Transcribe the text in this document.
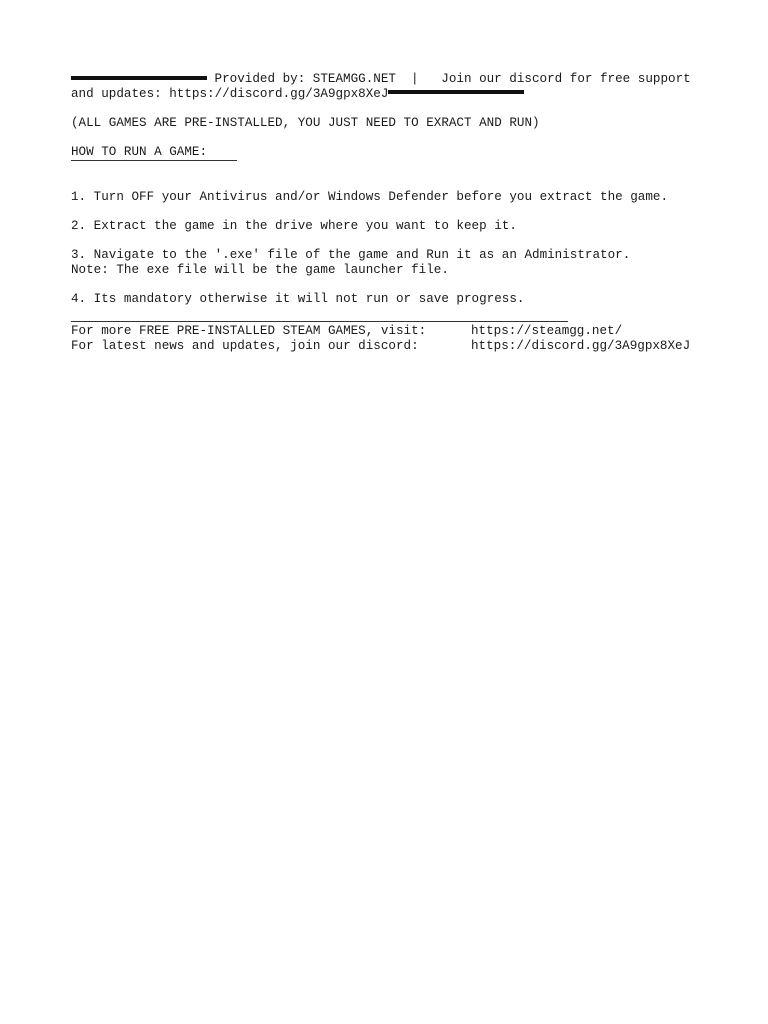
Provided by: STEAMGG.NET  |   Join our discord for free support
and updates: https://discord.gg/3A9gpx8XeJ
(ALL GAMES ARE PRE-INSTALLED, YOU JUST NEED TO EXRACT AND RUN)
HOW TO RUN A GAME:
1. Turn OFF your Antivirus and/or Windows Defender before you extract the game.
2. Extract the game in the drive where you want to keep it.
3. Navigate to the '.exe' file of the game and Run it as an Administrator.
Note: The exe file will be the game launcher file.
4. Its mandatory otherwise it will not run or save progress.
For more FREE PRE-INSTALLED STEAM GAMES, visit:	https://steamgg.net/
For latest news and updates, join our discord:	https://discord.gg/3A9gpx8XeJ
